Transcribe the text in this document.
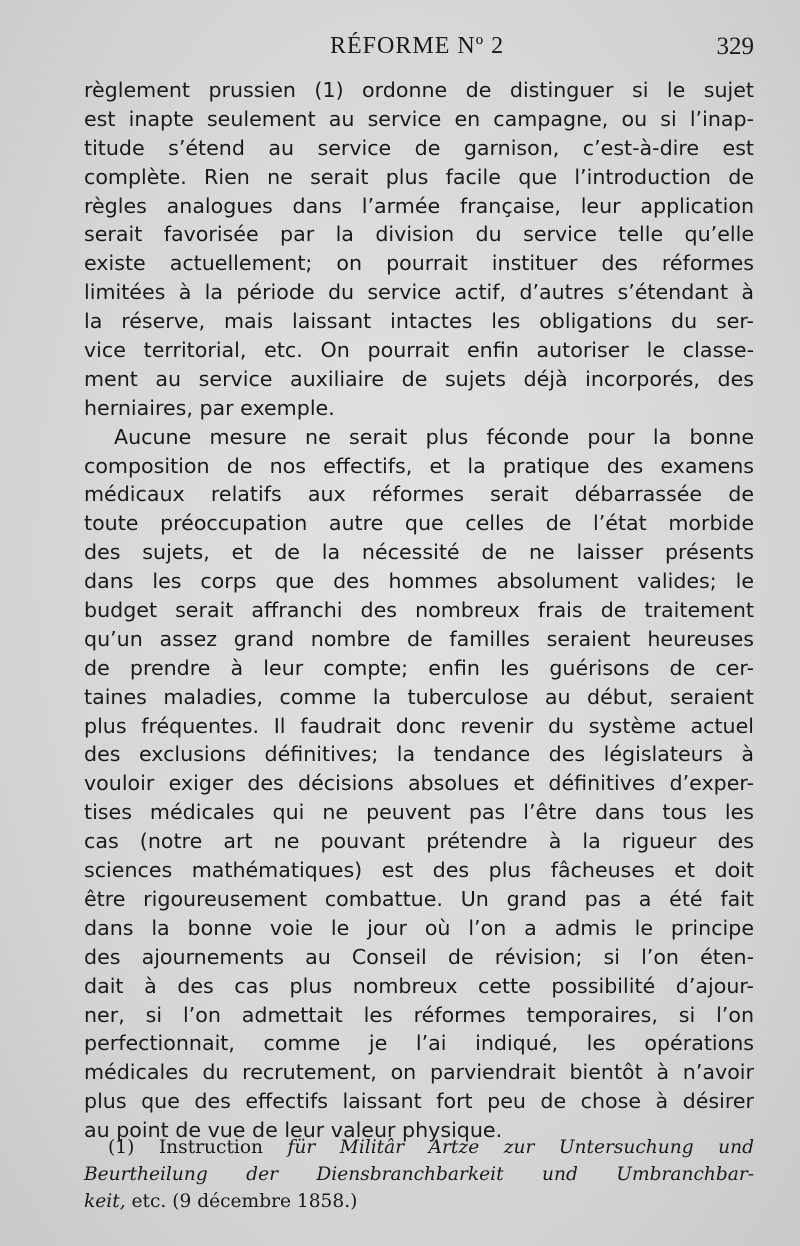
RÉFORME Nº 2	329
règlement prussien (1) ordonne de distinguer si le sujet
est inapte seulement au service en campagne, ou si l’inap-
titude s’étend au service de garnison, c’est-à-dire est
complète. Rien ne serait plus facile que l’introduction de
règles analogues dans l’armée française, leur application
serait favorisée par la division du service telle qu’elle
existe actuellement; on pourrait instituer des réformes
limitées à la période du service actif, d’autres s’étendant à
la réserve, mais laissant intactes les obligations du ser-
vice territorial, etc. On pourrait enfin autoriser le classe-
ment au service auxiliaire de sujets déjà incorporés, des
herniaires, par exemple.
Aucune mesure ne serait plus féconde pour la bonne
composition de nos effectifs, et la pratique des examens
médicaux relatifs aux réformes serait débarrassée de
toute préoccupation autre que celles de l’état morbide
des sujets, et de la nécessité de ne laisser présents
dans les corps que des hommes absolument valides; le
budget serait affranchi des nombreux frais de traitement
qu’un assez grand nombre de familles seraient heureuses
de prendre à leur compte; enfin les guérisons de cer-
taines maladies, comme la tuberculose au début, seraient
plus fréquentes. Il faudrait donc revenir du système actuel
des exclusions définitives; la tendance des législateurs à
vouloir exiger des décisions absolues et définitives d’exper-
tises médicales qui ne peuvent pas l’être dans tous les
cas (notre art ne pouvant prétendre à la rigueur des
sciences mathématiques) est des plus fâcheuses et doit
être rigoureusement combattue. Un grand pas a été fait
dans la bonne voie le jour où l’on a admis le principe
des ajournements au Conseil de révision; si l’on éten-
dait à des cas plus nombreux cette possibilité d’ajour-
ner, si l’on admettait les réformes temporaires, si l’on
perfectionnait, comme je l’ai indiqué, les opérations
médicales du recrutement, on parviendrait bientôt à n’avoir
plus que des effectifs laissant fort peu de chose à désirer
au point de vue de leur valeur physique.
(1) Instruction für Militâr Artze zur Untersuchung und
Beurtheilung der Diensbranchbarkeit und Umbranchbar-
keit, etc. (9 décembre 1858.)
